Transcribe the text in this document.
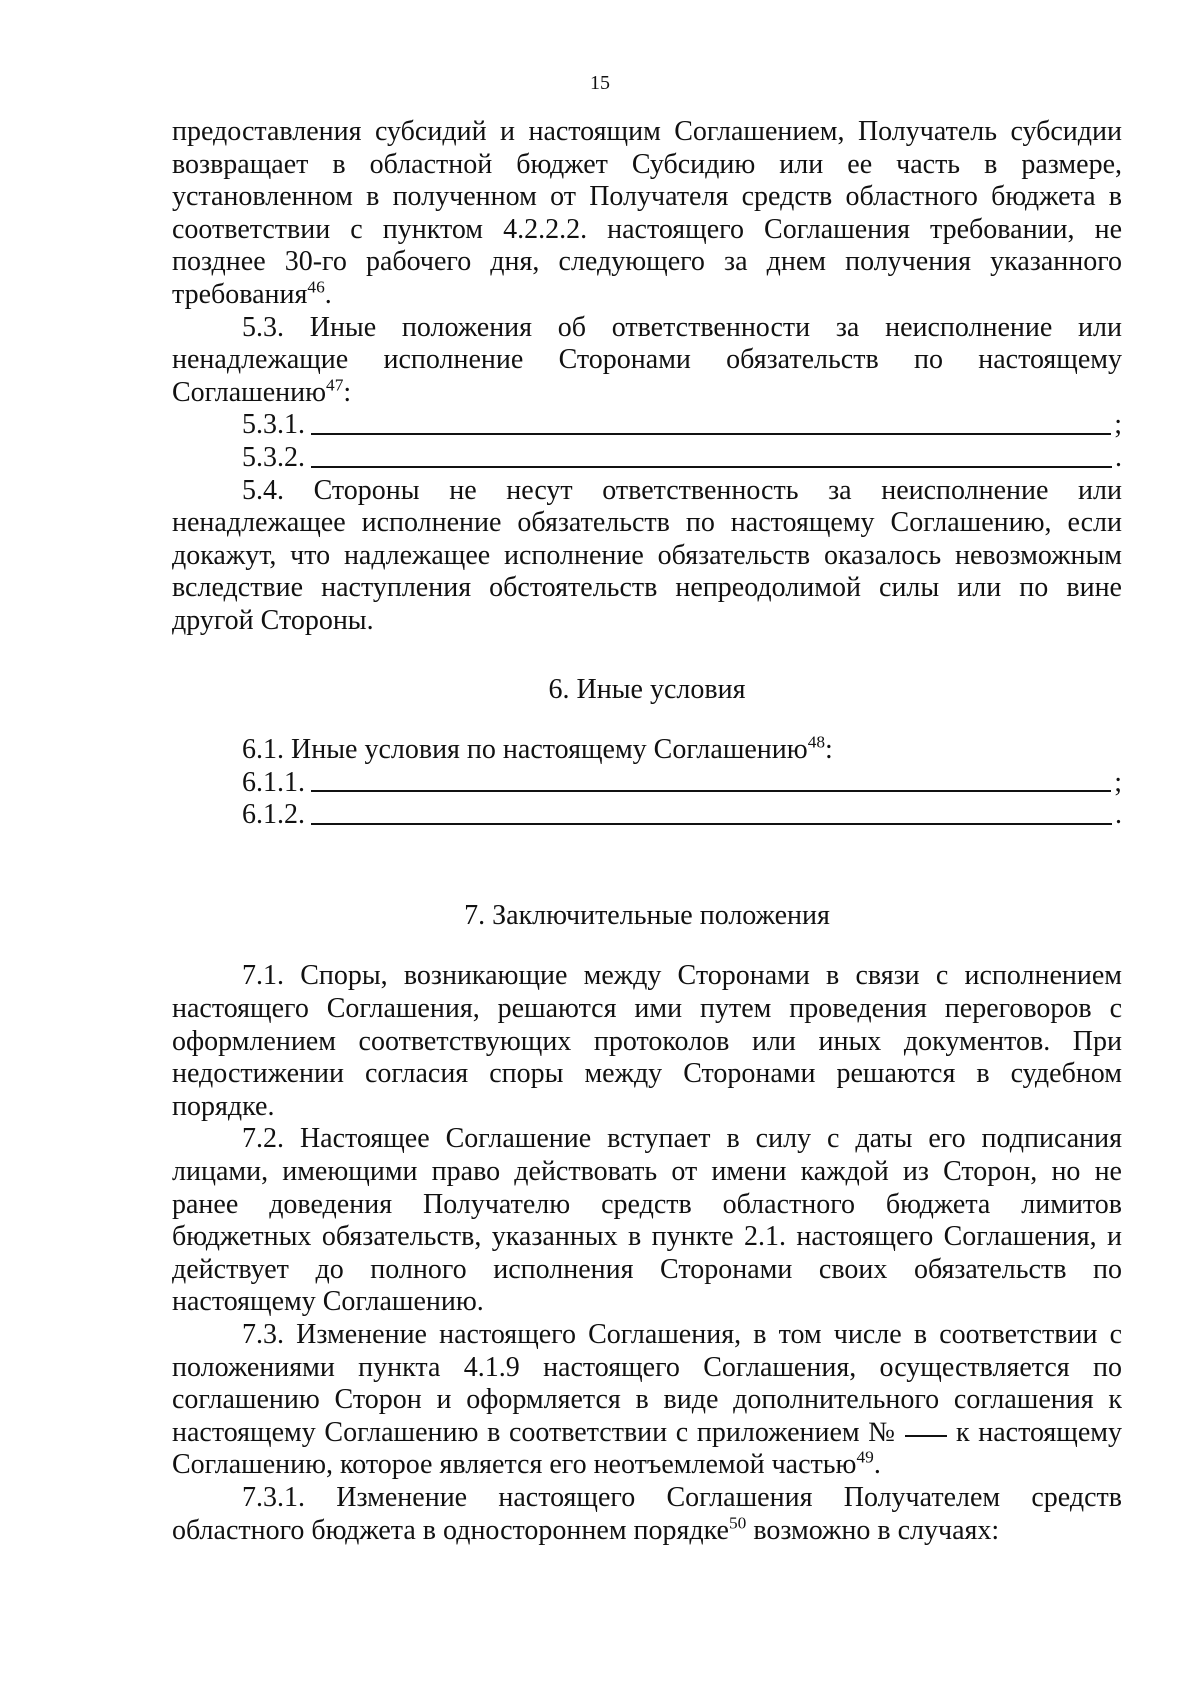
15

предоставления субсидий и настоящим Соглашением, Получатель субсидии возвращает в областной бюджет Субсидию или ее часть в размере, установленном в полученном от Получателя средств областного бюджета в соответствии с пунктом 4.2.2.2. настоящего Соглашения требовании, не позднее 30-го рабочего дня, следующего за днем получения указанного требования$^{46}$.

5.3. Иные положения об ответственности за неисполнение или ненадлежащие исполнение Сторонами обязательств по настоящему Соглашению$^{47}$:

5.3.1.	;
5.3.2.	.

5.4. Стороны не несут ответственность за неисполнение или ненадлежащее исполнение обязательств по настоящему Соглашению, если докажут, что надлежащее исполнение обязательств оказалось невозможным вследствие наступления обстоятельств непреодолимой силы или по вине другой Стороны.

6. Иные условия

6.1. Иные условия по настоящему Соглашению$^{48}$:

6.1.1.	;
6.1.2.	.

7. Заключительные положения

7.1. Споры, возникающие между Сторонами в связи с исполнением настоящего Соглашения, решаются ими путем проведения переговоров с оформлением соответствующих протоколов или иных документов. При недостижении согласия споры между Сторонами решаются в судебном порядке.

7.2. Настоящее Соглашение вступает в силу с даты его подписания лицами, имеющими право действовать от имени каждой из Сторон, но не ранее доведения Получателю средств областного бюджета лимитов бюджетных обязательств, указанных в пункте 2.1. настоящего Соглашения, и действует до полного исполнения Сторонами своих обязательств по настоящему Соглашению.

7.3. Изменение настоящего Соглашения, в том числе в соответствии с положениями пункта 4.1.9 настоящего Соглашения, осуществляется по соглашению Сторон и оформляется в виде дополнительного соглашения к настоящему Соглашению в соответствии с приложением № к настоящему Соглашению, которое является его неотъемлемой частью$^{49}$.

7.3.1. Изменение настоящего Соглашения Получателем средств областного бюджета в одностороннем порядке$^{50}$ возможно в случаях:
